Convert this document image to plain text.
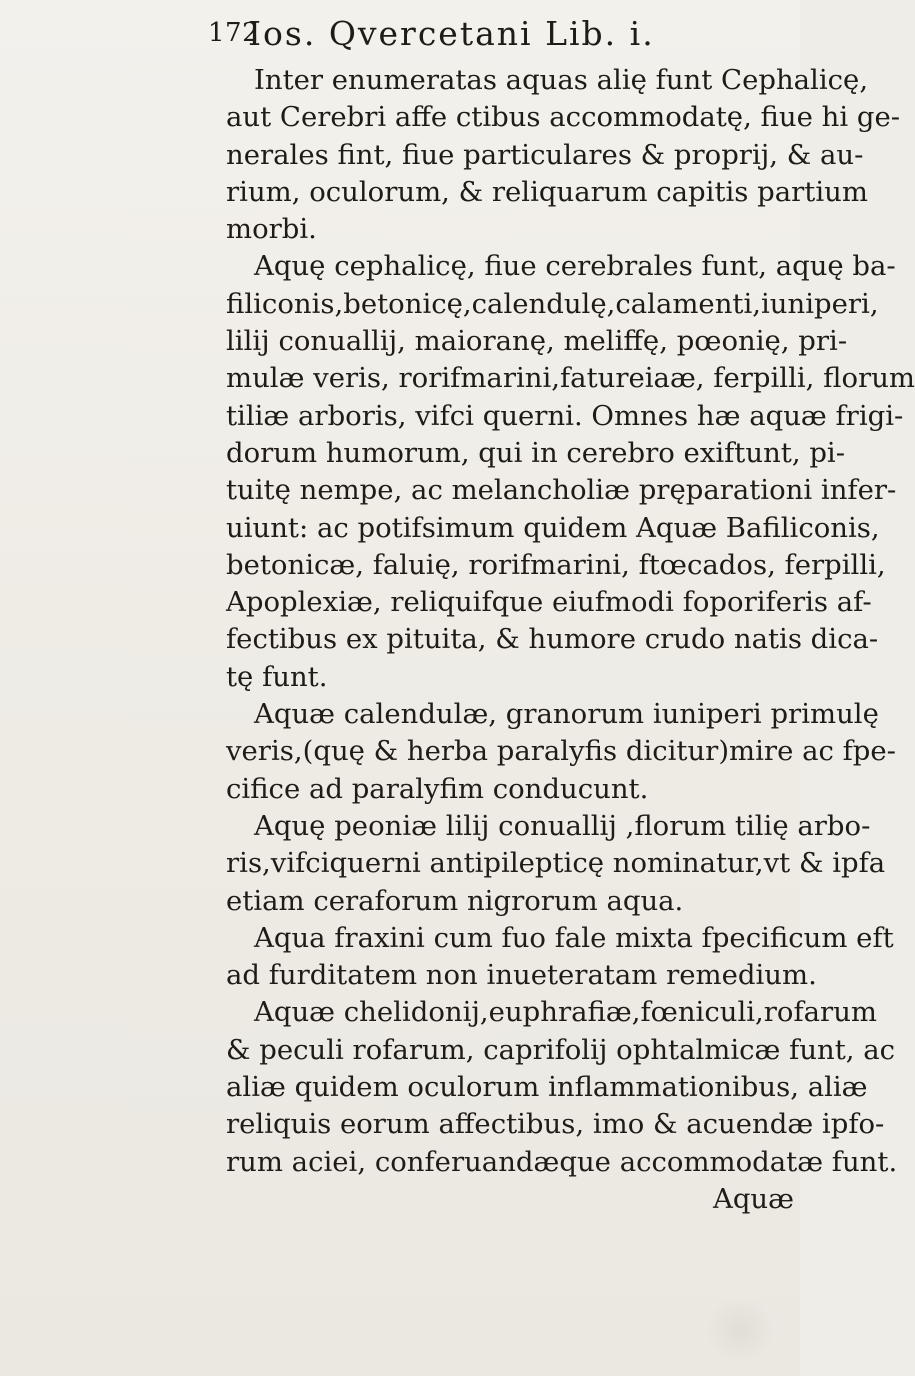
172
Ios. Qvercetani Lib. i.
Inter enumeratas aquas alię funt Cephalicę,
aut Cerebri affe ctibus accommodatę, fiue hi ge-
nerales fint, fiue particulares & proprij, & au-
rium, oculorum, & reliquarum capitis partium
morbi.
Aquę cephalicę, fiue cerebrales funt, aquę ba-
filiconis,betonicę,calendulę,calamenti,iuniperi,
lilij conuallij, maioranę, meliffę, pœonię, pri-
mulæ veris, rorifmarini,fatureiaæ, ferpilli, florum
tiliæ arboris, vifci querni. Omnes hæ aquæ frigi-
dorum humorum, qui in cerebro exiftunt, pi-
tuitę nempe, ac melancholiæ pręparationi infer-
uiunt: ac potifsimum quidem Aquæ Bafiliconis,
betonicæ, faluię, rorifmarini, ftœcados, ferpilli,
Apoplexiæ, reliquifque eiufmodi foporiferis af-
fectibus ex pituita, & humore crudo natis dica-
tę funt.
Aquæ calendulæ, granorum iuniperi primulę
veris,(quę & herba paralyfis dicitur)mire ac fpe-
cifice ad paralyfim conducunt.
Aquę peoniæ lilij conuallij ,florum tilię arbo-
ris,vifciquerni antipilepticę nominatur,vt & ipfa
etiam ceraforum nigrorum aqua.
Aqua fraxini cum fuo fale mixta fpecificum eft
ad furditatem non inueteratam remedium.
Aquæ chelidonij,euphrafiæ,fœniculi,rofarum
& peculi rofarum, caprifolij ophtalmicæ funt, ac
aliæ quidem oculorum inflammationibus, aliæ
reliquis eorum affectibus, imo & acuendæ ipfo-
rum aciei, conferuandæque accommodatæ funt.
Aquæ
